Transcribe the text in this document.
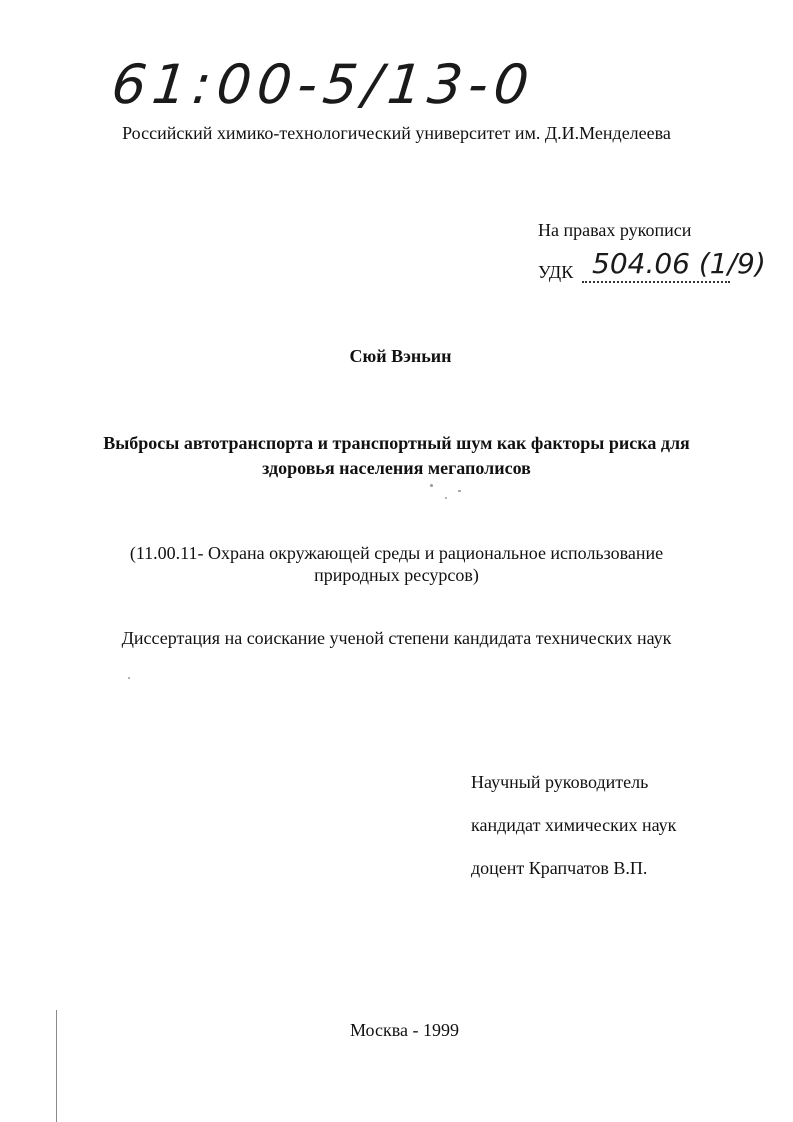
61:00-5/13-0
Российский химико-технологический университет им. Д.И.Менделеева
На правах рукописи
УДК 504.06 (1/9)
Сюй Вэньин
Выбросы автотранспорта и транспортный шум как факторы риска для
здоровья населения мегаполисов
(11.00.11- Охрана окружающей среды и рациональное использование
природных ресурсов)
Диссертация на соискание ученой степени кандидата технических наук
Научный руководитель
кандидат химических наук
доцент Крапчатов В.П.
Москва - 1999
